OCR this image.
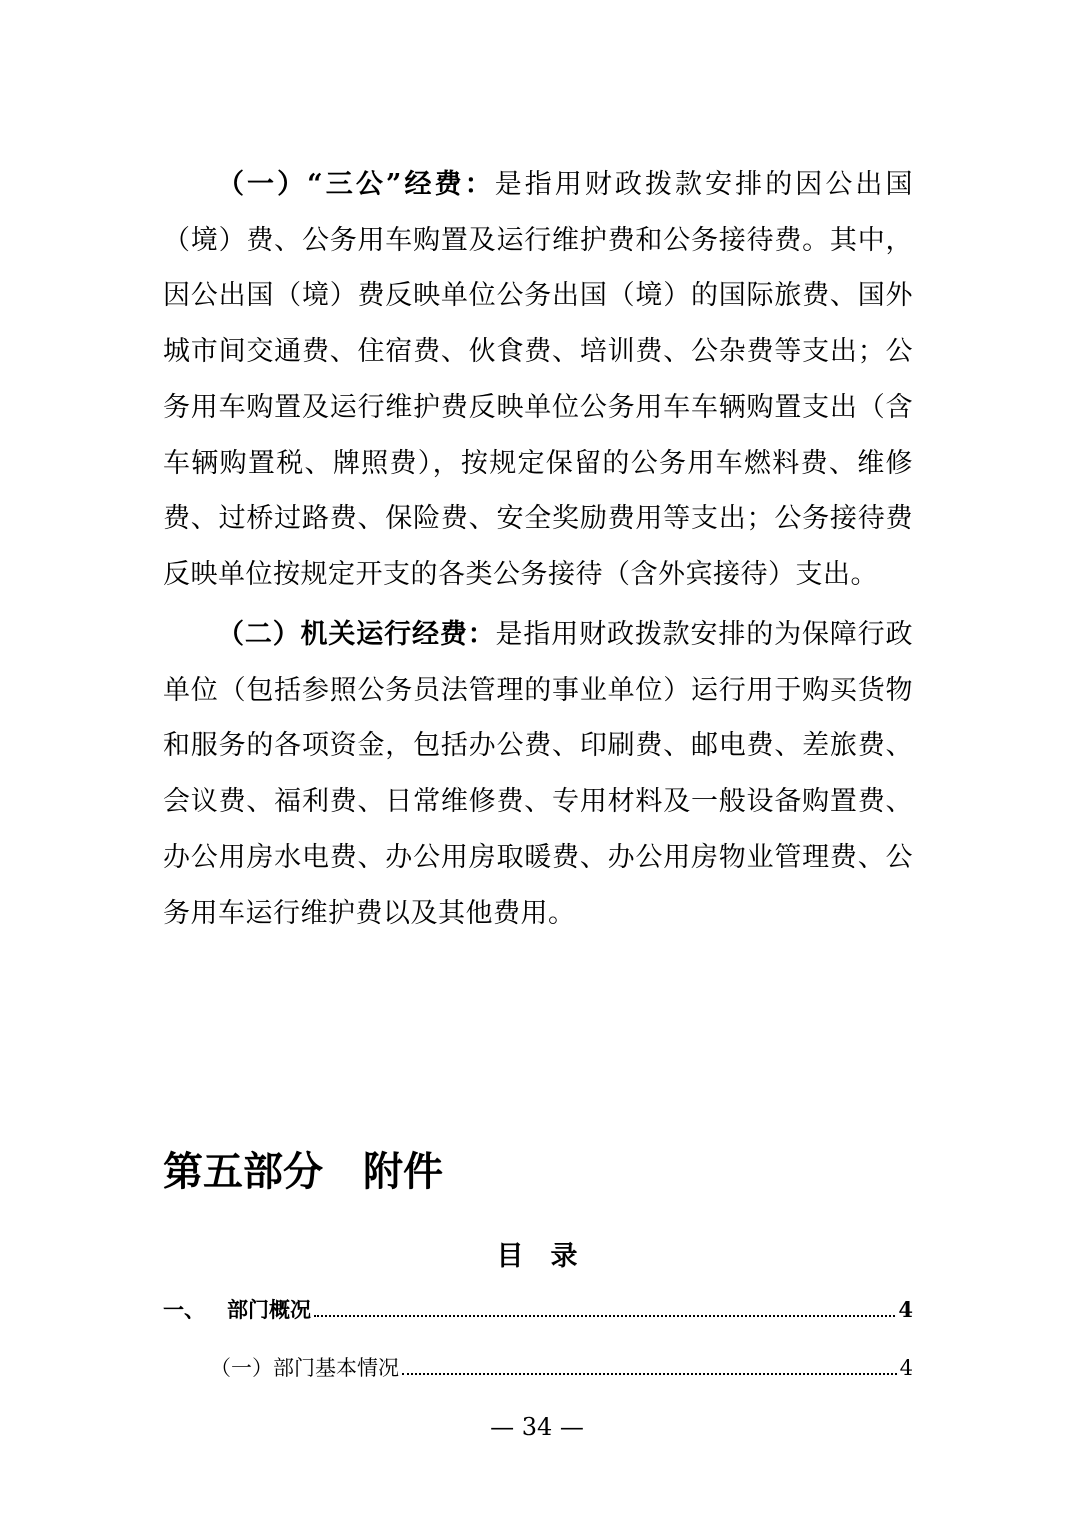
（一）“三公”经费：是指用财政拨款安排的因公出国（境）费、公务用车购置及运行维护费和公务接待费。其中，因公出国（境）费反映单位公务出国（境）的国际旅费、国外城市间交通费、住宿费、伙食费、培训费、公杂费等支出；公务用车购置及运行维护费反映单位公务用车车辆购置支出（含车辆购置税、牌照费），按规定保留的公务用车燃料费、维修费、过桥过路费、保险费、安全奖励费用等支出；公务接待费反映单位按规定开支的各类公务接待（含外宾接待）支出。

（二）机关运行经费：是指用财政拨款安排的为保障行政单位（包括参照公务员法管理的事业单位）运行用于购买货物和服务的各项资金，包括办公费、印刷费、邮电费、差旅费、会议费、福利费、日常维修费、专用材料及一般设备购置费、办公用房水电费、办公用房取暖费、办公用房物业管理费、公务用车运行维护费以及其他费用。

第五部分　附件
目　录
一、	部门概况	4
（一）部门基本情况	4
— 34 —
